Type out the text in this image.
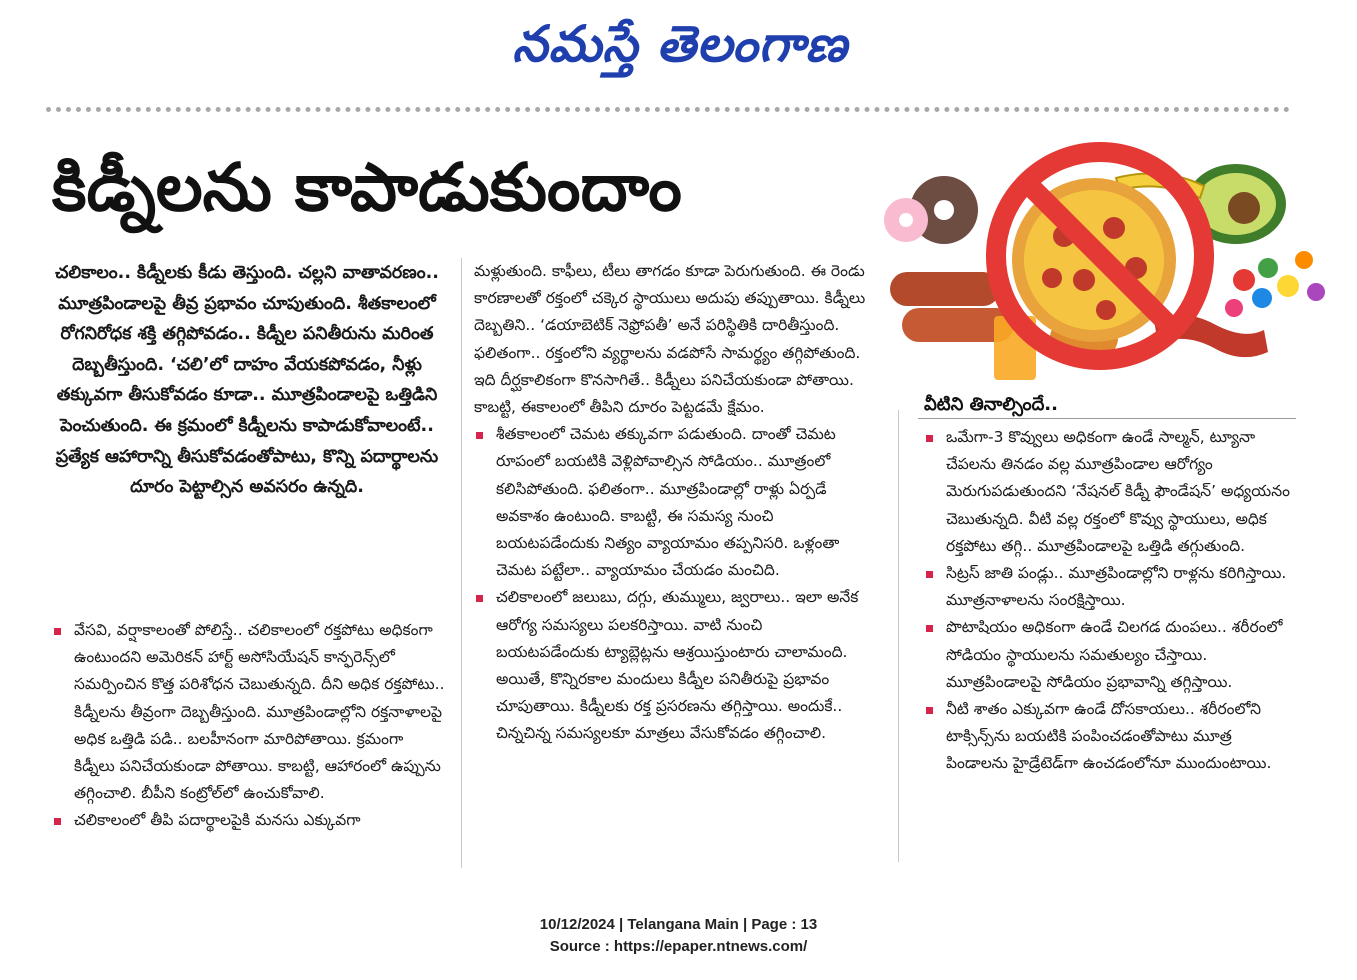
నమస్తే తెలంగాణ
కిడ్నీలను కాపాడుకుందాం

చలికాలం.. కిడ్నీలకు కీడు తెస్తుంది. చల్లని వాతావరణం.. మూత్రపిండాలపై తీవ్ర ప్రభావం చూపుతుంది. శీతకాలంలో రోగనిరోధక శక్తి తగ్గిపోవడం.. కిడ్నీల పనితీరును మరింత దెబ్బతీస్తుంది. ‘చలి’లో దాహం వేయకపోవడం, నీళ్లు తక్కువగా తీసుకోవడం కూడా.. మూత్రపిండాలపై ఒత్తిడిని పెంచుతుంది. ఈ క్రమంలో కిడ్నీలను కాపాడుకోవాలంటే.. ప్రత్యేక ఆహారాన్ని తీసుకోవడంతోపాటు, కొన్ని పదార్థాలను దూరం పెట్టాల్సిన అవసరం ఉన్నది.

వేసవి, వర్షాకాలంతో పోలిస్తే.. చలికాలంలో రక్తపోటు అధికంగా ఉంటుందని అమెరికన్ హార్ట్ అసోసియేషన్ కాన్ఫరెన్స్‌లో సమర్పించిన కొత్త పరిశోధన చెబుతున్నది. దీని అధిక రక్తపోటు.. కిడ్నీలను తీవ్రంగా దెబ్బతీస్తుంది. మూత్రపిండాల్లోని రక్తనాళాలపై అధిక ఒత్తిడి పడి.. బలహీనంగా మారిపోతాయి. క్రమంగా కిడ్నీలు పనిచేయకుండా పోతాయి. కాబట్టి, ఆహారంలో ఉప్పును తగ్గించాలి. బీపీని కంట్రోల్‌లో ఉంచుకోవాలి.

చలికాలంలో తీపి పదార్థాలపైకి మనసు ఎక్కువగా

మళ్లుతుంది. కాఫీలు, టీలు తాగడం కూడా పెరుగుతుంది. ఈ రెండు కారణాలతో రక్తంలో చక్కెర స్థాయులు అదుపు తప్పుతాయి. కిడ్నీలు దెబ్బతిని.. ‘డయాబెటిక్ నెఫ్రోపతీ’ అనే పరిస్థితికి దారితీస్తుంది. ఫలితంగా.. రక్తంలోని వ్యర్థాలను వడపోసే సామర్థ్యం తగ్గిపోతుంది. ఇది దీర్ఘకాలికంగా కొనసాగితే.. కిడ్నీలు పనిచేయకుండా పోతాయి. కాబట్టి, ఈకాలంలో తీపిని దూరం పెట్టడమే క్షేమం.

శీతకాలంలో చెమట తక్కువగా పడుతుంది. దాంతో చెమట రూపంలో బయటికి వెళ్లిపోవాల్సిన సోడియం.. మూత్రంలో కలిసిపోతుంది. ఫలితంగా.. మూత్రపిండాల్లో రాళ్లు ఏర్పడే అవకాశం ఉంటుంది. కాబట్టి, ఈ సమస్య నుంచి బయటపడేందుకు నిత్యం వ్యాయామం తప్పనిసరి. ఒళ్లంతా చెమట పట్టేలా.. వ్యాయామం చేయడం మంచిది.

చలికాలంలో జలుబు, దగ్గు, తుమ్ములు, జ్వరాలు.. ఇలా అనేక ఆరోగ్య సమస్యలు పలకరిస్తాయి. వాటి నుంచి బయటపడేందుకు ట్యాబ్లెట్లను ఆశ్రయిస్తుంటారు చాలామంది. అయితే, కొన్నిరకాల మందులు కిడ్నీల పనితీరుపై ప్రభావం చూపుతాయి. కిడ్నీలకు రక్త ప్రసరణను తగ్గిస్తాయి. అందుకే.. చిన్నచిన్న సమస్యలకూ మాత్రలు వేసుకోవడం తగ్గించాలి.

వీటిని తినాల్సిందే..

ఒమేగా-3 కొవ్వులు అధికంగా ఉండే సాల్మన్, ట్యూనా చేపలను తినడం వల్ల మూత్రపిండాల ఆరోగ్యం మెరుగుపడుతుందని ‘నేషనల్ కిడ్నీ ఫౌండేషన్’ అధ్యయనం చెబుతున్నది. వీటి వల్ల రక్తంలో కొవ్వు స్థాయులు, అధిక రక్తపోటు తగ్గి.. మూత్రపిండాలపై ఒత్తిడి తగ్గుతుంది.

సిట్రస్ జాతి పండ్లు.. మూత్రపిండాల్లోని రాళ్లను కరిగిస్తాయి. మూత్రనాళాలను సంరక్షిస్తాయి.

పొటాషియం అధికంగా ఉండే చిలగడ దుంపలు.. శరీరంలో సోడియం స్థాయులను సమతుల్యం చేస్తాయి. మూత్రపిండాలపై సోడియం ప్రభావాన్ని తగ్గిస్తాయి.

నీటి శాతం ఎక్కువగా ఉండే దోసకాయలు.. శరీరంలోని టాక్సిన్స్‌ను బయటికి పంపించడంతోపాటు మూత్ర పిండాలను హైడ్రేటెడ్‌గా ఉంచడంలోనూ ముందుంటాయి.

10/12/2024 | Telangana Main | Page : 13
Source : https://epaper.ntnews.com/
